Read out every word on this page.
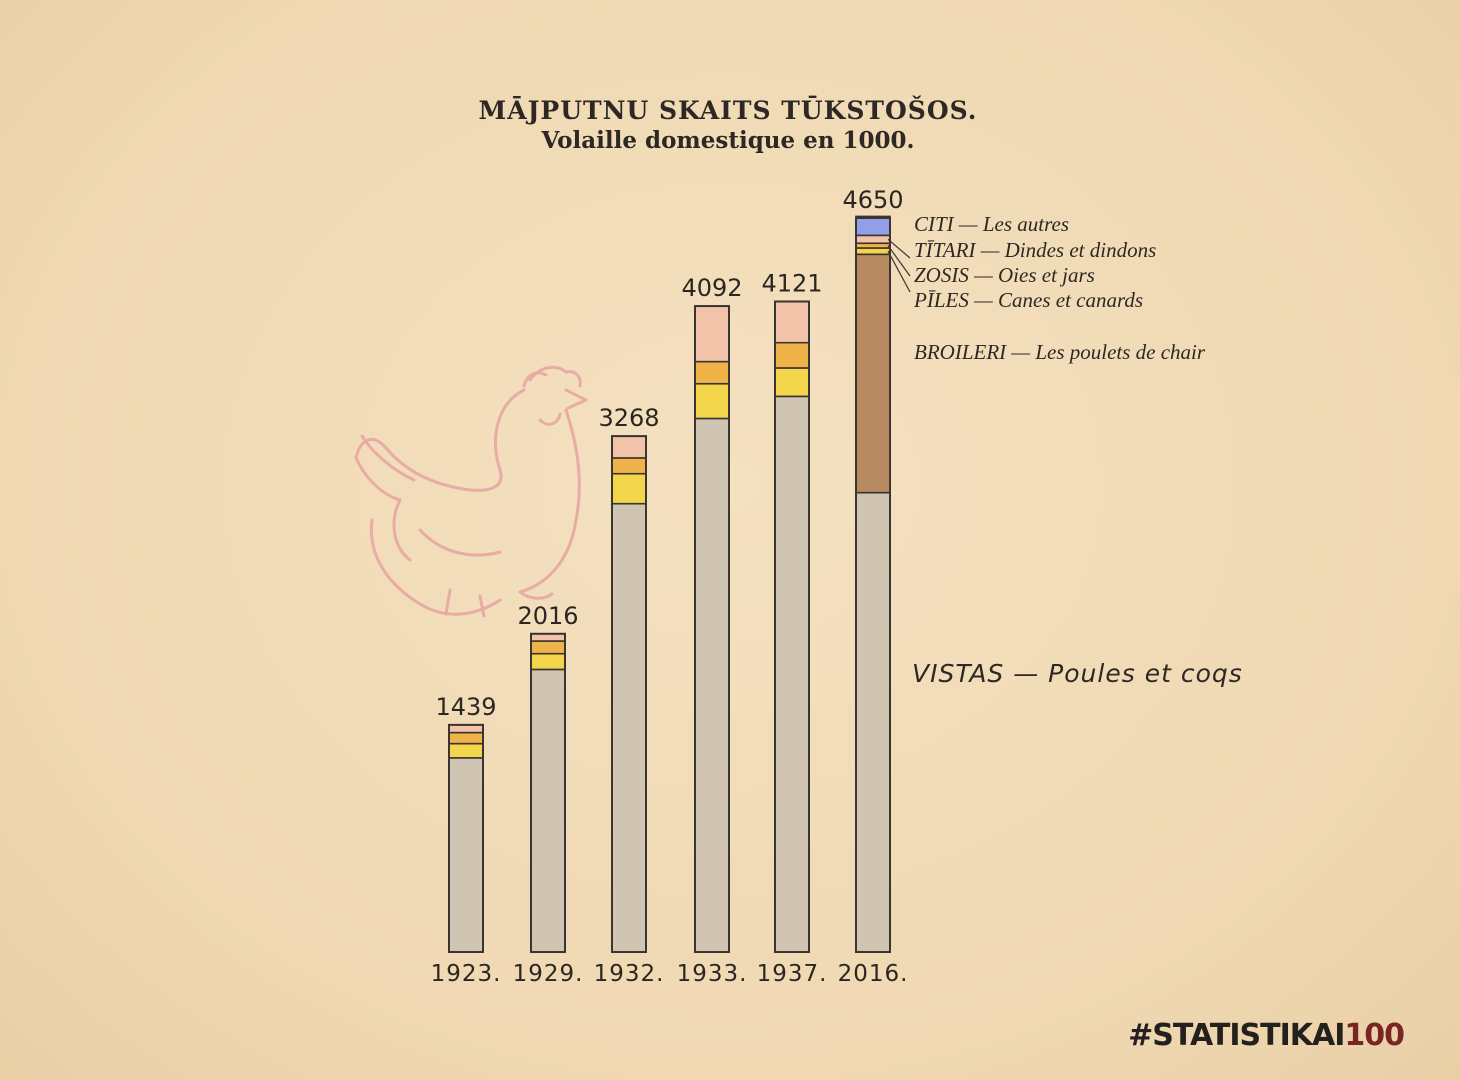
MĀJPUTNU SKAITS TŪKSTOŠOS.
Volaille domestique en 1000.
1439
1923.
2016
1929.
3268
1932.
4092
1933.
4121
1937.
4650
2016.
CITI — Les autres
TĪTARI — Dindes et dindons
ZOSIS — Oies et jars
PĪLES — Canes et canards
BROILERI — Les poulets de chair
VISTAS — Poules et coqs
#STATISTIKAI100
